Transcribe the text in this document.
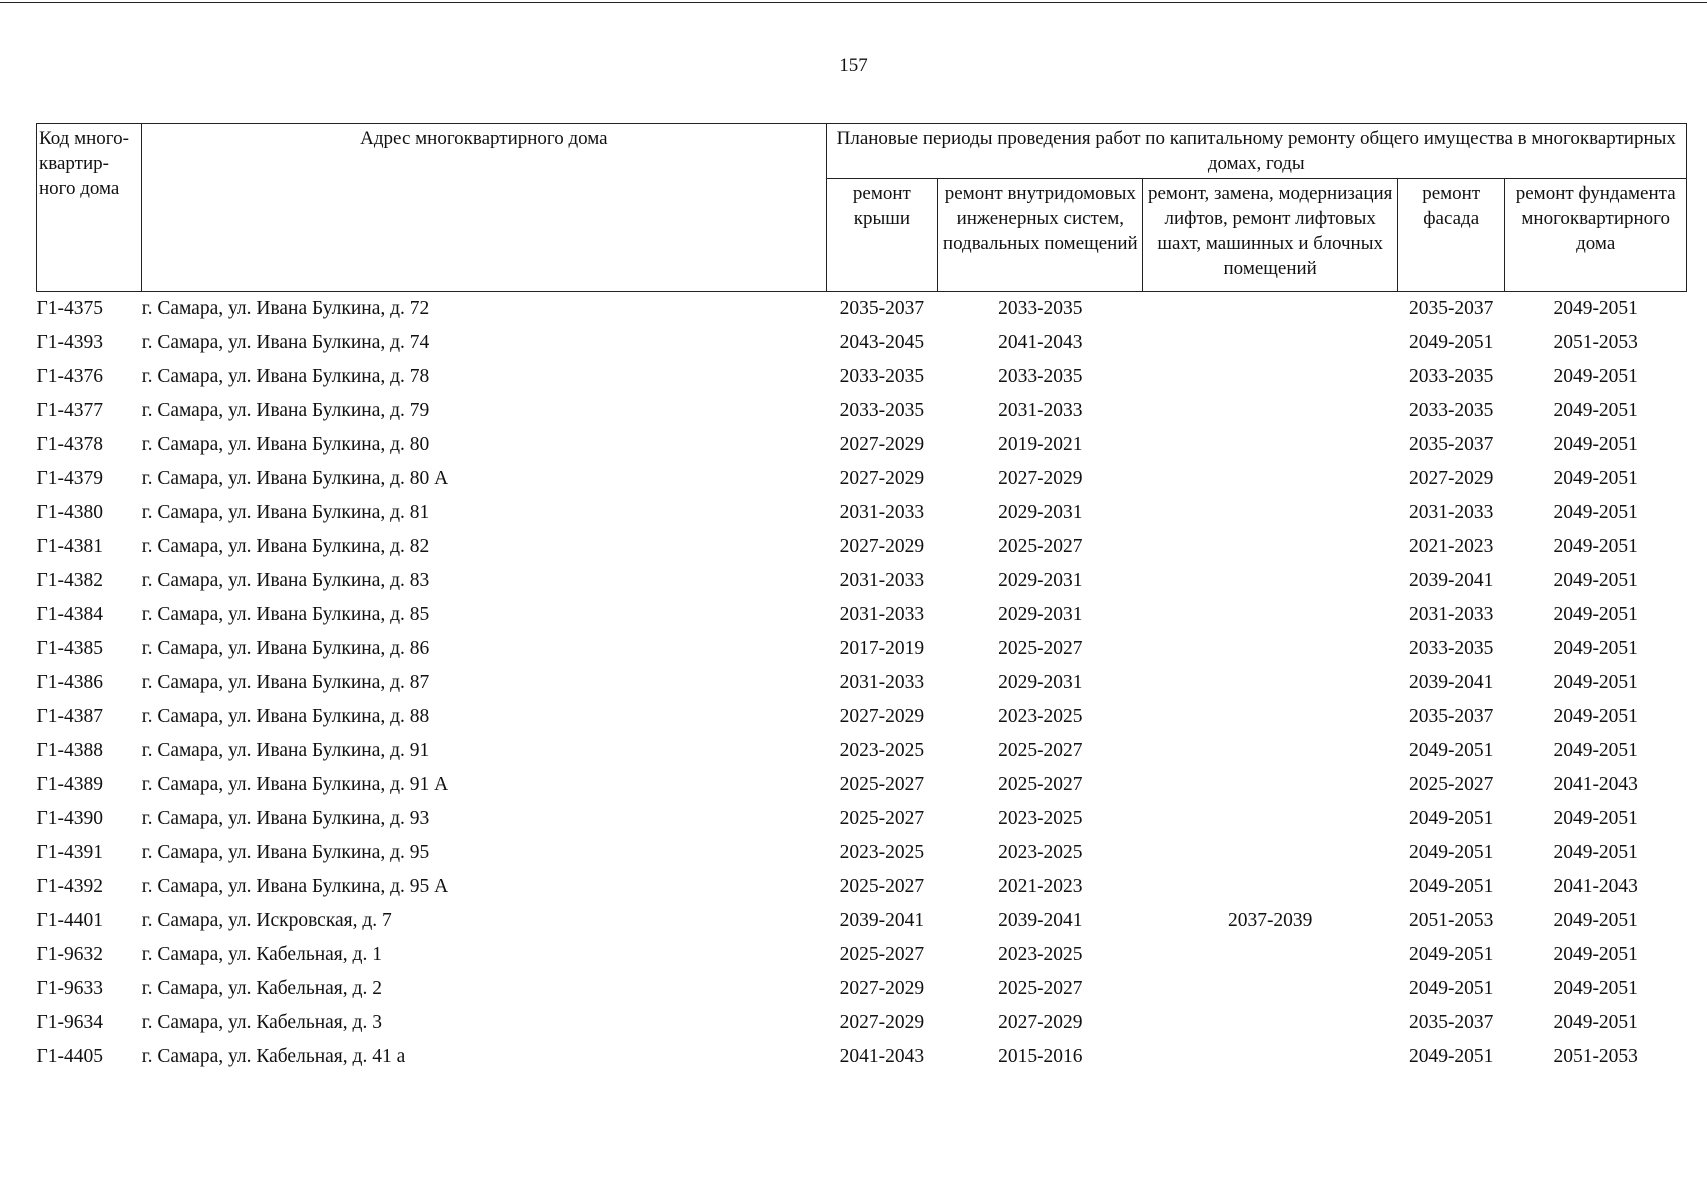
157
Код много-квартир-ного дома	Адрес многоквартирного дома	Плановые периоды проведения работ по капитальному ремонту общего имущества в многоквартирных домах, годы				
		ремонт крыши	ремонт внутридомовых инженерных систем, подвальных помещений	ремонт, замена, модернизация лифтов, ремонт лифтовых шахт, машинных и блочных помещений	ремонт фасада	ремонт фундамента многоквартирного дома
Г1-4375	г. Самара, ул. Ивана Булкина, д. 72	2035-2037	2033-2035		2035-2037	2049-2051
Г1-4393	г. Самара, ул. Ивана Булкина, д. 74	2043-2045	2041-2043		2049-2051	2051-2053
Г1-4376	г. Самара, ул. Ивана Булкина, д. 78	2033-2035	2033-2035		2033-2035	2049-2051
Г1-4377	г. Самара, ул. Ивана Булкина, д. 79	2033-2035	2031-2033		2033-2035	2049-2051
Г1-4378	г. Самара, ул. Ивана Булкина, д. 80	2027-2029	2019-2021		2035-2037	2049-2051
Г1-4379	г. Самара, ул. Ивана Булкина, д. 80 А	2027-2029	2027-2029		2027-2029	2049-2051
Г1-4380	г. Самара, ул. Ивана Булкина, д. 81	2031-2033	2029-2031		2031-2033	2049-2051
Г1-4381	г. Самара, ул. Ивана Булкина, д. 82	2027-2029	2025-2027		2021-2023	2049-2051
Г1-4382	г. Самара, ул. Ивана Булкина, д. 83	2031-2033	2029-2031		2039-2041	2049-2051
Г1-4384	г. Самара, ул. Ивана Булкина, д. 85	2031-2033	2029-2031		2031-2033	2049-2051
Г1-4385	г. Самара, ул. Ивана Булкина, д. 86	2017-2019	2025-2027		2033-2035	2049-2051
Г1-4386	г. Самара, ул. Ивана Булкина, д. 87	2031-2033	2029-2031		2039-2041	2049-2051
Г1-4387	г. Самара, ул. Ивана Булкина, д. 88	2027-2029	2023-2025		2035-2037	2049-2051
Г1-4388	г. Самара, ул. Ивана Булкина, д. 91	2023-2025	2025-2027		2049-2051	2049-2051
Г1-4389	г. Самара, ул. Ивана Булкина, д. 91 А	2025-2027	2025-2027		2025-2027	2041-2043
Г1-4390	г. Самара, ул. Ивана Булкина, д. 93	2025-2027	2023-2025		2049-2051	2049-2051
Г1-4391	г. Самара, ул. Ивана Булкина, д. 95	2023-2025	2023-2025		2049-2051	2049-2051
Г1-4392	г. Самара, ул. Ивана Булкина, д. 95 А	2025-2027	2021-2023		2049-2051	2041-2043
Г1-4401	г. Самара, ул. Искровская, д. 7	2039-2041	2039-2041	2037-2039	2051-2053	2049-2051
Г1-9632	г. Самара, ул. Кабельная, д. 1	2025-2027	2023-2025		2049-2051	2049-2051
Г1-9633	г. Самара, ул. Кабельная, д. 2	2027-2029	2025-2027		2049-2051	2049-2051
Г1-9634	г. Самара, ул. Кабельная, д. 3	2027-2029	2027-2029		2035-2037	2049-2051
Г1-4405	г. Самара, ул. Кабельная, д. 41 а	2041-2043	2015-2016		2049-2051	2051-2053
